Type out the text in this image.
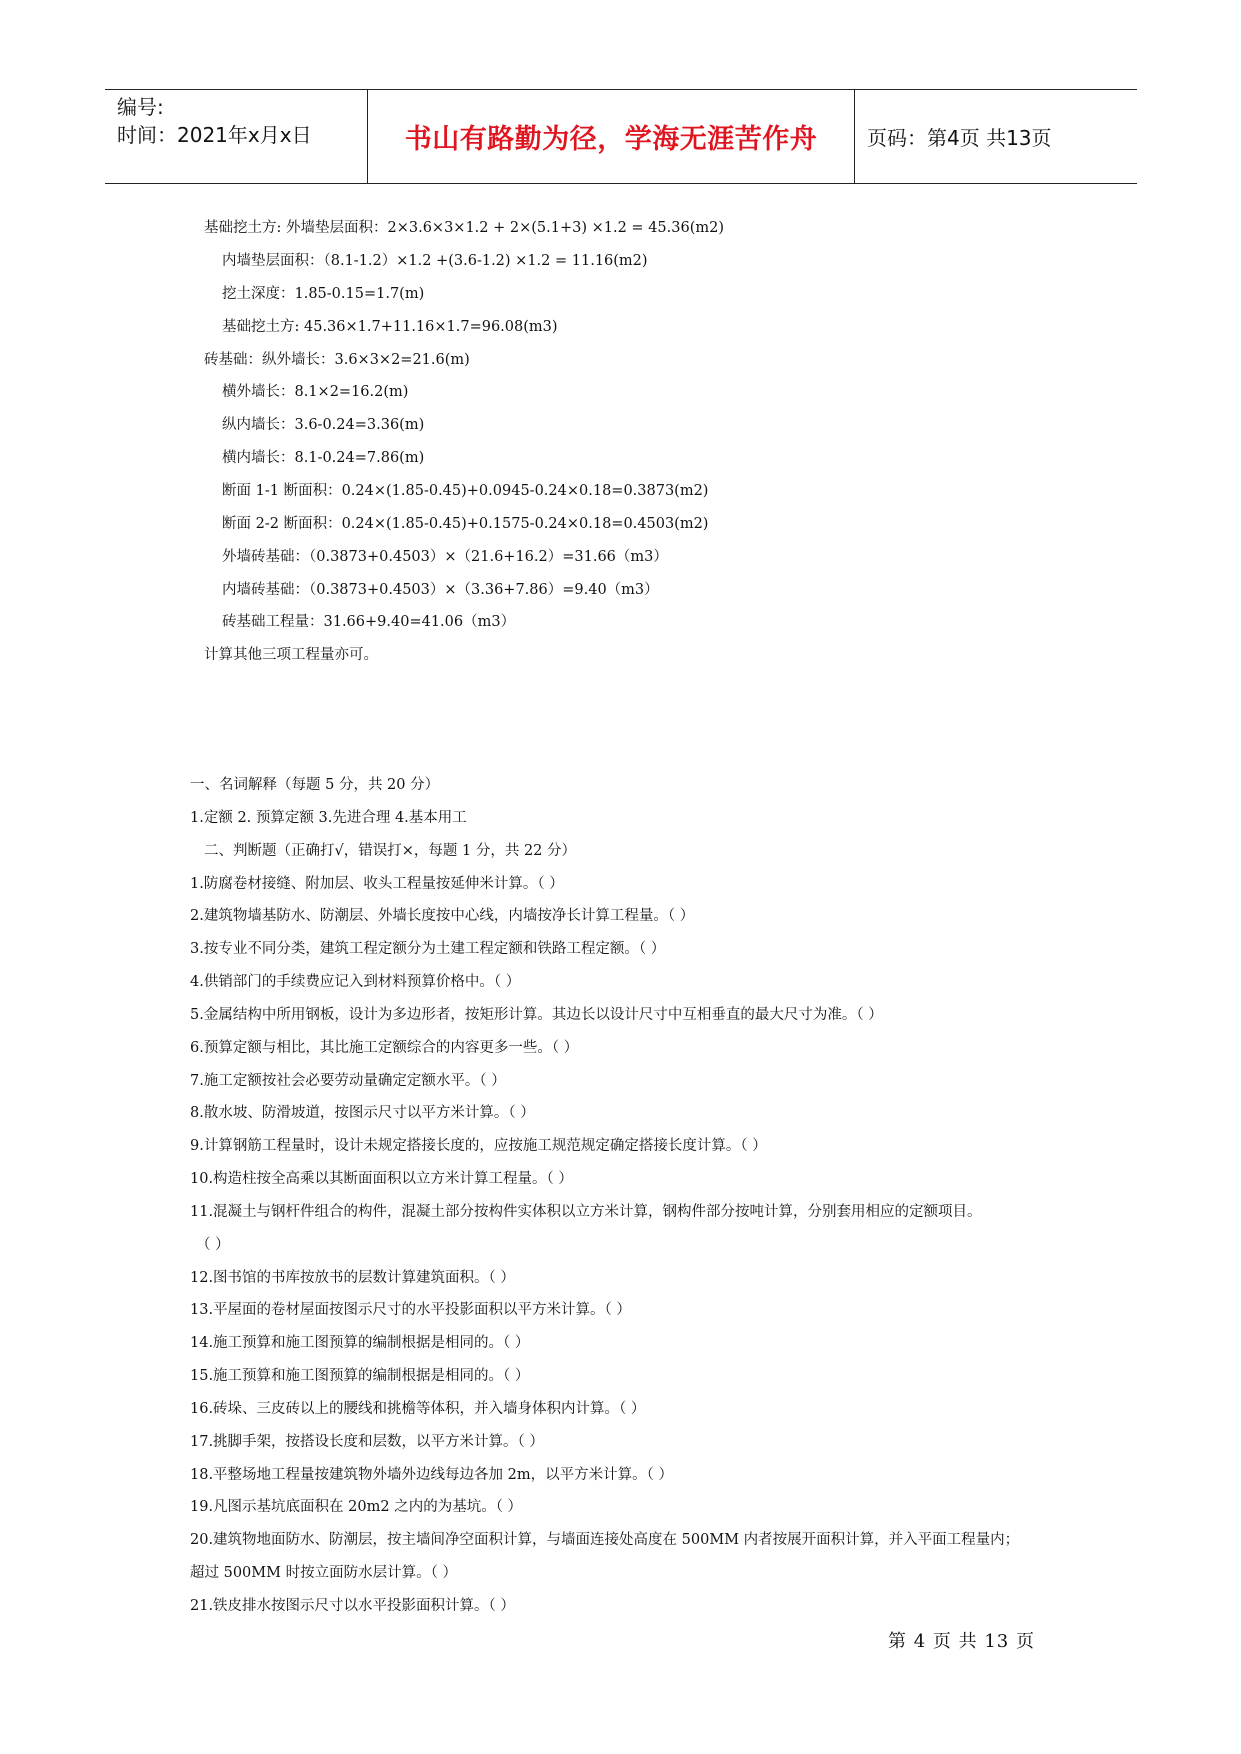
编号:
时间：2021年x月x日	书山有路勤为径，学海无涯苦作舟 页码：第4页 共13页
基础挖土方: 外墙垫层面积：2×3.6×3×1.2 + 2×(5.1+3) ×1.2 = 45.36(m2)
内墙垫层面积：（8.1-1.2）×1.2 +(3.6-1.2) ×1.2 = 11.16(m2)
挖土深度：1.85-0.15=1.7(m)
基础挖土方: 45.36×1.7+11.16×1.7=96.08(m3)
砖基础：纵外墙长：3.6×3×2=21.6(m)
横外墙长：8.1×2=16.2(m)
纵内墙长：3.6-0.24=3.36(m)
横内墙长：8.1-0.24=7.86(m)
断面 1-1 断面积：0.24×(1.85-0.45)+0.0945-0.24×0.18=0.3873(m2)
断面 2-2 断面积：0.24×(1.85-0.45)+0.1575-0.24×0.18=0.4503(m2)
外墙砖基础：（0.3873+0.4503）×（21.6+16.2）=31.66（m3）
内墙砖基础：（0.3873+0.4503）×（3.36+7.86）=9.40（m3）
砖基础工程量：31.66+9.40=41.06（m3）
计算其他三项工程量亦可。
一、名词解释（每题 5 分，共 20 分）
1.定额 2. 预算定额 3.先进合理 4.基本用工
二、判断题（正确打√，错误打×，每题 1 分，共 22 分）
1.防腐卷材接缝、附加层、收头工程量按延伸米计算。（ ）
2.建筑物墙基防水、防潮层、外墙长度按中心线，内墙按净长计算工程量。（ ）
3.按专业不同分类，建筑工程定额分为土建工程定额和铁路工程定额。（ ）
4.供销部门的手续费应记入到材料预算价格中。（ ）
5.金属结构中所用钢板，设计为多边形者，按矩形计算。其边长以设计尺寸中互相垂直的最大尺寸为准。（ ）
6.预算定额与相比，其比施工定额综合的内容更多一些。（ ）
7.施工定额按社会必要劳动量确定定额水平。（ ）
8.散水坡、防滑坡道，按图示尺寸以平方米计算。（ ）
9.计算钢筋工程量时，设计未规定搭接长度的，应按施工规范规定确定搭接长度计算。（ ）
10.构造柱按全高乘以其断面面积以立方米计算工程量。（ ）
11.混凝土与钢杆件组合的构件，混凝土部分按构件实体积以立方米计算，钢构件部分按吨计算，分别套用相应的定额项目。
（ ）
12.图书馆的书库按放书的层数计算建筑面积。（ ）
13.平屋面的卷材屋面按图示尺寸的水平投影面积以平方米计算。（ ）
14.施工预算和施工图预算的编制根据是相同的。（ ）
15.施工预算和施工图预算的编制根据是相同的。（ ）
16.砖垛、三皮砖以上的腰线和挑檐等体积，并入墙身体积内计算。（ ）
17.挑脚手架，按搭设长度和层数，以平方米计算。（ ）
18.平整场地工程量按建筑物外墙外边线每边各加 2m，以平方米计算。（ ）
19.凡图示基坑底面积在 20m2 之内的为基坑。（ ）
20.建筑物地面防水、防潮层，按主墙间净空面积计算，与墙面连接处高度在 500MM 内者按展开面积计算，并入平面工程量内；
超过 500MM 时按立面防水层计算。（ ）
21.铁皮排水按图示尺寸以水平投影面积计算。（ ）
第 4 页 共 13 页
